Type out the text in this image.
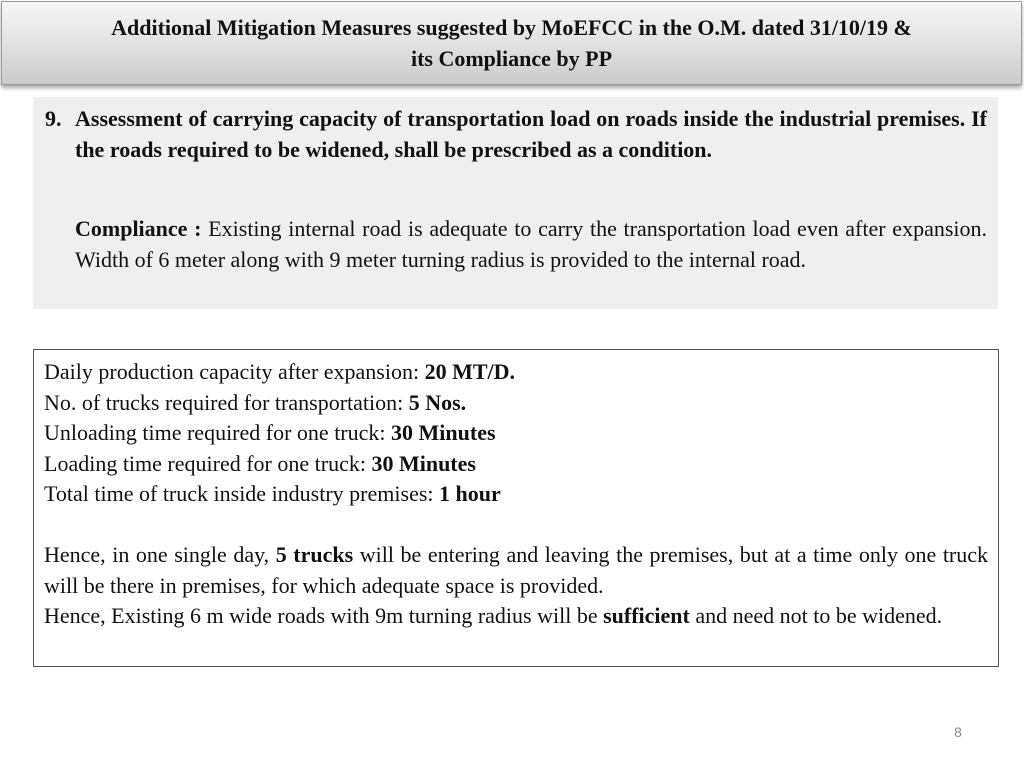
Additional Mitigation Measures suggested by MoEFCC in the O.M. dated 31/10/19 &
its Compliance by PP

9. Assessment of carrying capacity of transportation load on roads inside the industrial premises. If the roads required to be widened, shall be prescribed as a condition.

Compliance : Existing internal road is adequate to carry the transportation load even after expansion. Width of 6 meter along with 9 meter turning radius is provided to the internal road.

Daily production capacity after expansion: 20 MT/D.
No. of trucks required for transportation: 5 Nos.
Unloading time required for one truck: 30 Minutes
Loading time required for one truck: 30 Minutes
Total time of truck inside industry premises: 1 hour

Hence, in one single day, 5 trucks will be entering and leaving the premises, but at a time only one truck will be there in premises, for which adequate space is provided.

Hence, Existing 6 m wide roads with 9m turning radius will be sufficient and need not to be widened.

8
